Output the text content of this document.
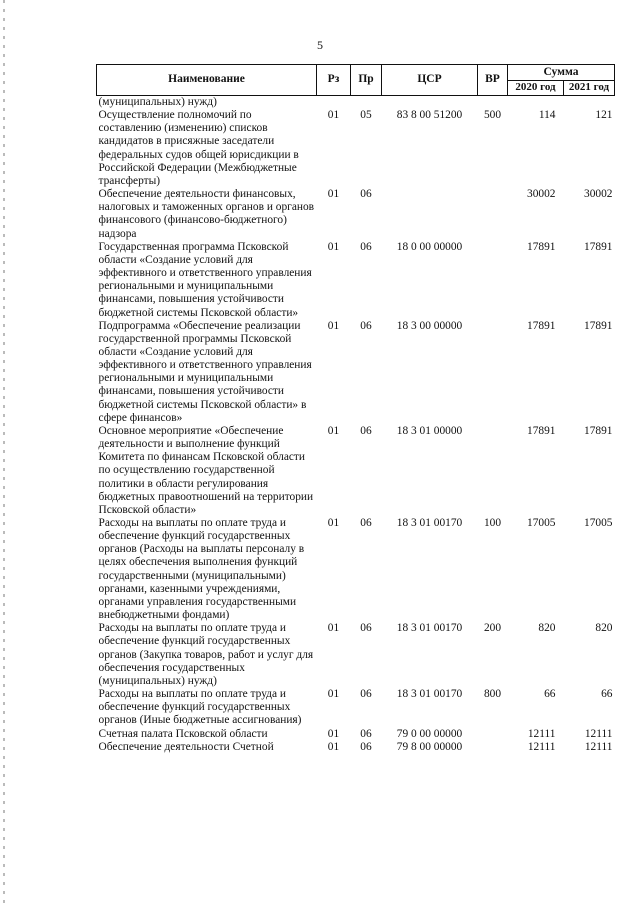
5
Наименование	Рз	Пр	ЦСР	ВР	Сумма	
					2020 год	2021 год
(муниципальных) нужд)						
Осуществление полномочий по составлению (изменению) списков кандидатов в присяжные заседатели федеральных судов общей юрисдикции в Российской Федерации (Межбюджетные трансферты)	01	05	83 8 00 51200	500	114	121
Обеспечение деятельности финансовых, налоговых и таможенных органов и органов финансового (финансово-бюджетного) надзора	01	06			30002	30002
Государственная программа Псковской области «Создание условий для эффективного и ответственного управления региональными и муниципальными финансами, повышения устойчивости бюджетной системы Псковской области»	01	06	18 0 00 00000		17891	17891
Подпрограмма «Обеспечение реализации государственной программы Псковской области «Создание условий для эффективного и ответственного управления региональными и муниципальными финансами, повышения устойчивости бюджетной системы Псковской области» в сфере финансов»	01	06	18 3 00 00000		17891	17891
Основное мероприятие «Обеспечение деятельности и выполнение функций Комитета по финансам Псковской области по осуществлению государственной политики в области регулирования бюджетных правоотношений на территории Псковской области»	01	06	18 3 01 00000		17891	17891
Расходы на выплаты по оплате труда и обеспечение функций государственных органов (Расходы на выплаты персоналу в целях обеспечения выполнения функций государственными (муниципальными) органами, казенными учреждениями, органами управления государственными внебюджетными фондами)	01	06	18 3 01 00170	100	17005	17005
Расходы на выплаты по оплате труда и обеспечение функций государственных органов (Закупка товаров, работ и услуг для обеспечения государственных (муниципальных) нужд)	01	06	18 3 01 00170	200	820	820
Расходы на выплаты по оплате труда и обеспечение функций государственных органов (Иные бюджетные ассигнования)	01	06	18 3 01 00170	800	66	66
Счетная палата Псковской области	01	06	79 0 00 00000		12111	12111
Обеспечение деятельности Счетной	01	06	79 8 00 00000		12111	12111
